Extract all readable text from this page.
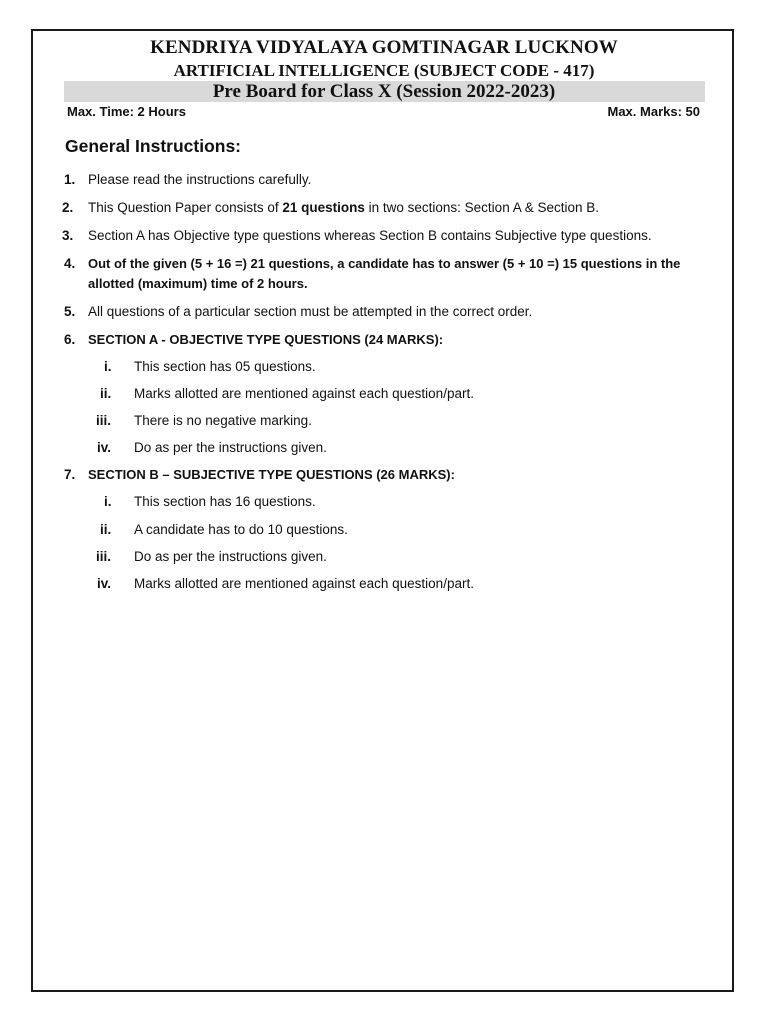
KENDRIYA VIDYALAYA GOMTINAGAR LUCKNOW
ARTIFICIAL INTELLIGENCE (SUBJECT CODE - 417)
Pre Board for Class X (Session 2022-2023)
Max. Time: 2 Hours	Max. Marks: 50
General Instructions:
1. Please read the instructions carefully.
2. This Question Paper consists of 21 questions in two sections: Section A & Section B.
3. Section A has Objective type questions whereas Section B contains Subjective type questions.
4. Out of the given (5 + 16 =) 21 questions, a candidate has to answer (5 + 10 =) 15 questions in the
allotted (maximum) time of 2 hours.
5. All questions of a particular section must be attempted in the correct order.
6. SECTION A - OBJECTIVE TYPE QUESTIONS (24 MARKS):
i. This section has 05 questions.
ii. Marks allotted are mentioned against each question/part.
iii. There is no negative marking.
iv. Do as per the instructions given.
7. SECTION B – SUBJECTIVE TYPE QUESTIONS (26 MARKS):
i. This section has 16 questions.
ii. A candidate has to do 10 questions.
iii. Do as per the instructions given.
iv. Marks allotted are mentioned against each question/part.
